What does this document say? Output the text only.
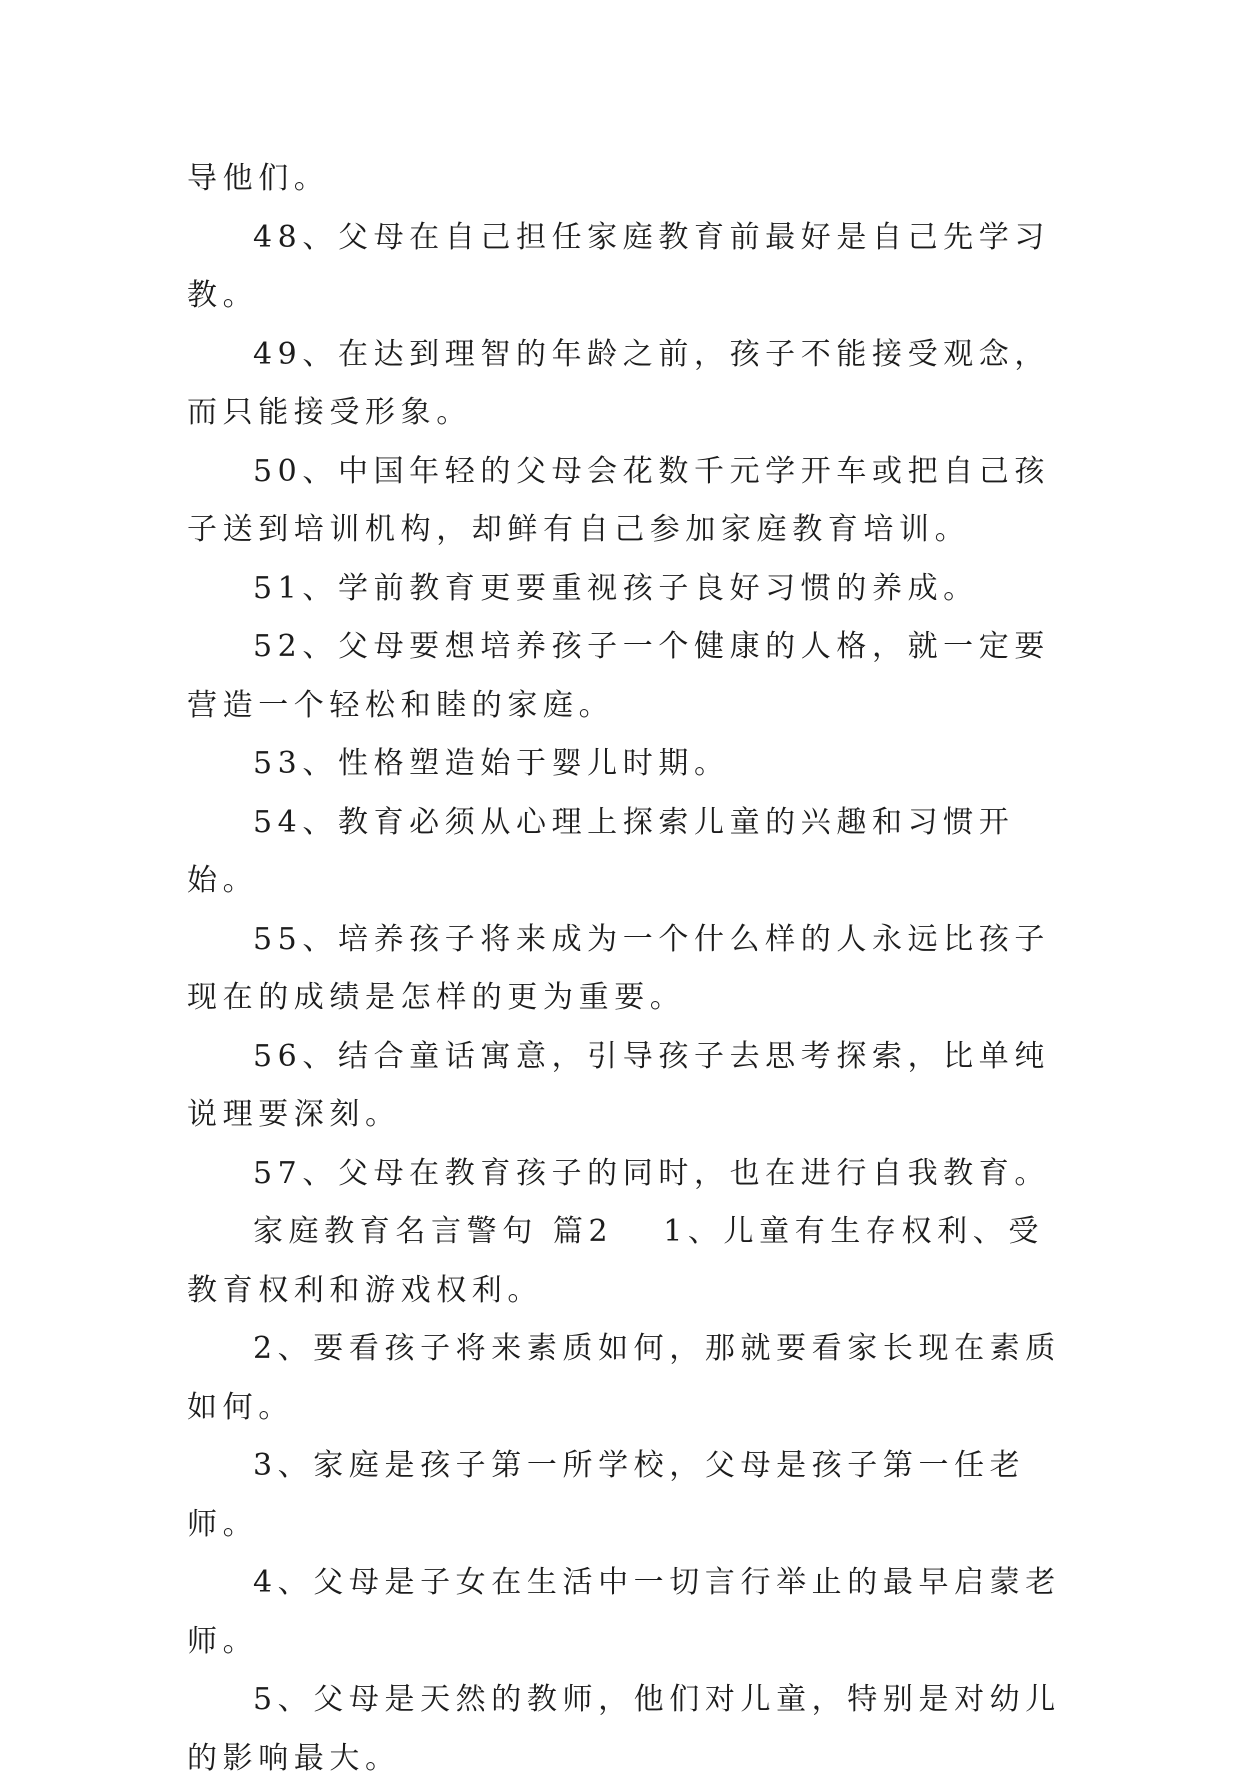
导他们。

48、父母在自己担任家庭教育前最好是自己先学习教。

49、在达到理智的年龄之前，孩子不能接受观念，而只能接受形象。

50、中国年轻的父母会花数千元学开车或把自己孩子送到培训机构，却鲜有自己参加家庭教育培训。

51、学前教育更要重视孩子良好习惯的养成。

52、父母要想培养孩子一个健康的人格，就一定要营造一个轻松和睦的家庭。

53、性格塑造始于婴儿时期。

54、教育必须从心理上探索儿童的兴趣和习惯开始。

55、培养孩子将来成为一个什么样的人永远比孩子现在的成绩是怎样的更为重要。

56、结合童话寓意，引导孩子去思考探索，比单纯说理要深刻。

57、父母在教育孩子的同时，也在进行自我教育。

家庭教育名言警句 篇2 1、儿童有生存权利、受教育权利和游戏权利。

2、要看孩子将来素质如何，那就要看家长现在素质如何。

3、家庭是孩子第一所学校，父母是孩子第一任老师。

4、父母是子女在生活中一切言行举止的最早启蒙老师。

5、父母是天然的教师，他们对儿童，特别是对幼儿的影响最大。
